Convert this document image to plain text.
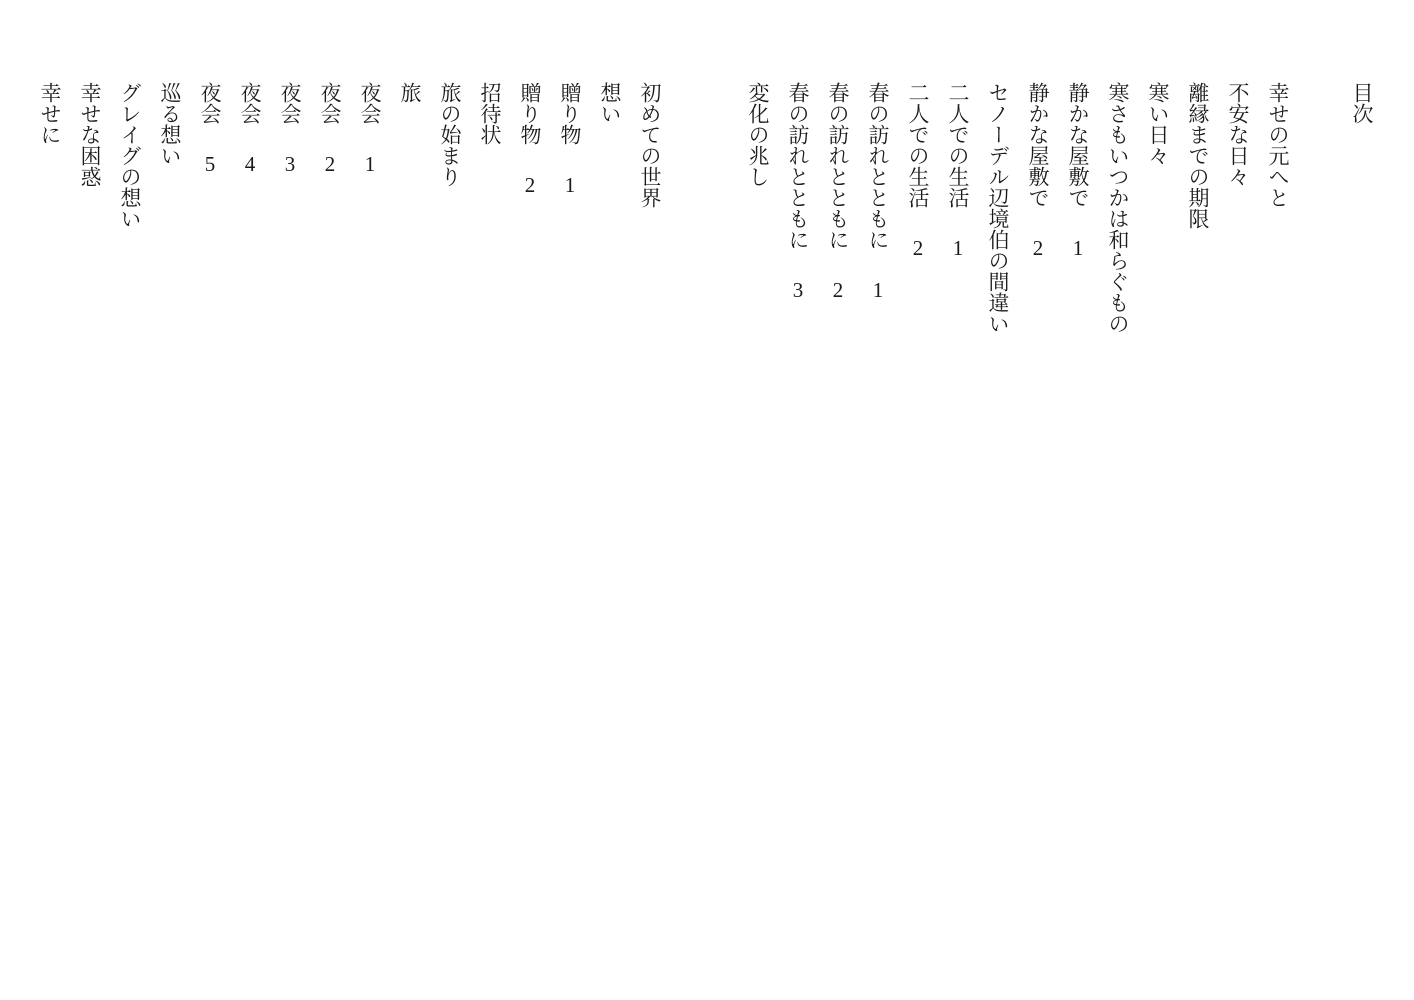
目次

幸せの元へと

不安な日々

離縁までの期限

寒い日々

寒さもいつかは和らぐもの

静かな屋敷で1

静かな屋敷で2

セノーデル辺境伯の間違い

二人での生活1

二人での生活2

春の訪れとともに1

春の訪れとともに2

春の訪れとともに3

変化の兆し

初めての世界

想い

贈り物1

贈り物2

招待状

旅の始まり

旅

夜会1

夜会2

夜会3

夜会4

夜会5

巡る想い

グレイグの想い

幸せな困惑

幸せに
